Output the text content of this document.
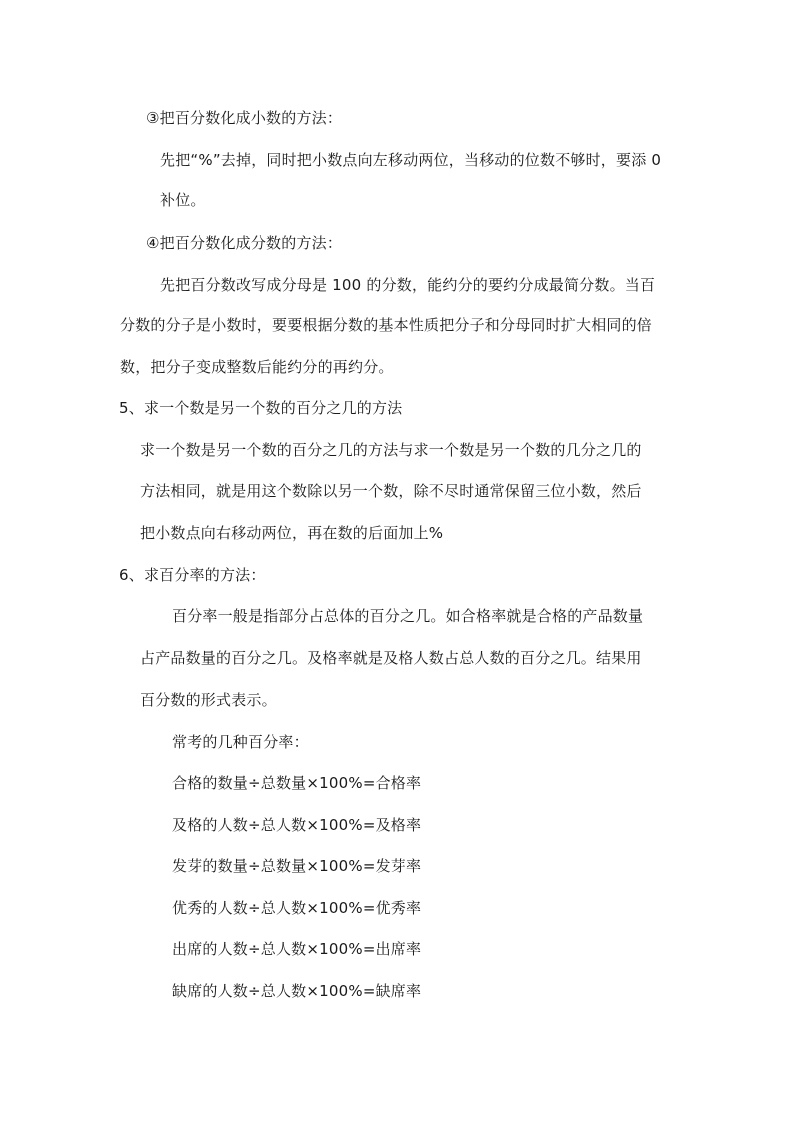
③把百分数化成小数的方法：
先把“%”去掉，同时把小数点向左移动两位，当移动的位数不够时，要添 0
补位。
④把百分数化成分数的方法：
先把百分数改写成分母是 100 的分数，能约分的要约分成最简分数。当百
分数的分子是小数时，要要根据分数的基本性质把分子和分母同时扩大相同的倍
数，把分子变成整数后能约分的再约分。
5、求一个数是另一个数的百分之几的方法
求一个数是另一个数的百分之几的方法与求一个数是另一个数的几分之几的
方法相同，就是用这个数除以另一个数，除不尽时通常保留三位小数，然后
把小数点向右移动两位，再在数的后面加上%
6、求百分率的方法：
百分率一般是指部分占总体的百分之几。如合格率就是合格的产品数量
占产品数量的百分之几。及格率就是及格人数占总人数的百分之几。结果用
百分数的形式表示。
常考的几种百分率：
合格的数量÷总数量×100%=合格率
及格的人数÷总人数×100%=及格率
发芽的数量÷总数量×100%=发芽率
优秀的人数÷总人数×100%=优秀率
出席的人数÷总人数×100%=出席率
缺席的人数÷总人数×100%=缺席率
